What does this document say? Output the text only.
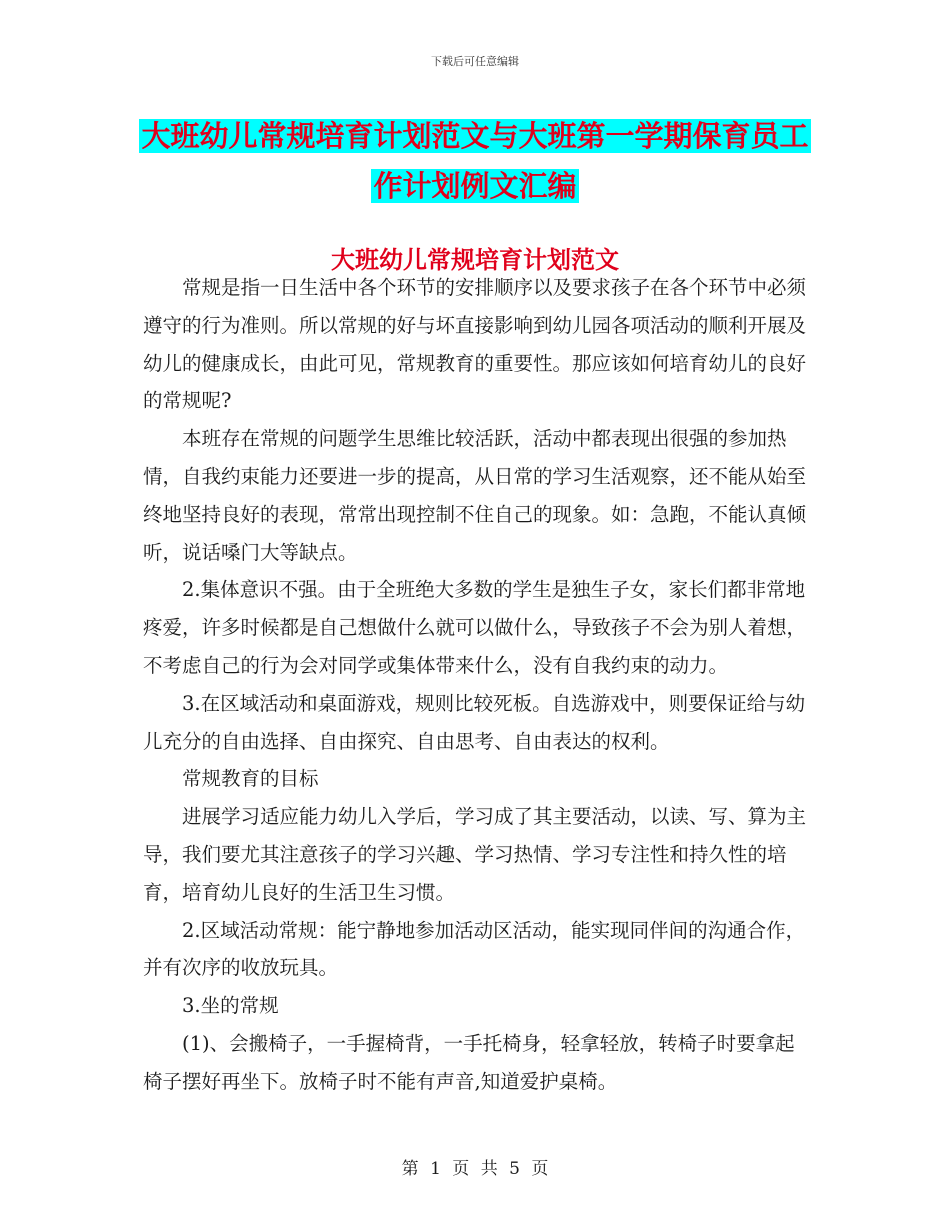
下载后可任意编辑
大班幼儿常规培育计划范文与大班第一学期保育员工
作计划例文汇编
大班幼儿常规培育计划范文

常规是指一日生活中各个环节的安排顺序以及要求孩子在各个环节中必须遵守的行为准则。所以常规的好与坏直接影响到幼儿园各项活动的顺利开展及幼儿的健康成长，由此可见，常规教育的重要性。那应该如何培育幼儿的良好的常规呢?

本班存在常规的问题学生思维比较活跃，活动中都表现出很强的参加热情，自我约束能力还要进一步的提高，从日常的学习生活观察，还不能从始至终地坚持良好的表现，常常出现控制不住自己的现象。如：急跑，不能认真倾听，说话嗓门大等缺点。

2.集体意识不强。由于全班绝大多数的学生是独生子女，家长们都非常地疼爱，许多时候都是自己想做什么就可以做什么，导致孩子不会为别人着想，不考虑自己的行为会对同学或集体带来什么，没有自我约束的动力。

3.在区域活动和桌面游戏，规则比较死板。自选游戏中，则要保证给与幼儿充分的自由选择、自由探究、自由思考、自由表达的权利。

常规教育的目标

进展学习适应能力幼儿入学后，学习成了其主要活动，以读、写、算为主导，我们要尤其注意孩子的学习兴趣、学习热情、学习专注性和持久性的培育，培育幼儿良好的生活卫生习惯。

2.区域活动常规：能宁静地参加活动区活动，能实现同伴间的沟通合作，并有次序的收放玩具。

3.坐的常规

(1)、会搬椅子，一手握椅背，一手托椅身，轻拿轻放，转椅子时要拿起椅子摆好再坐下。放椅子时不能有声音,知道爱护桌椅。

第 1 页 共 5 页
